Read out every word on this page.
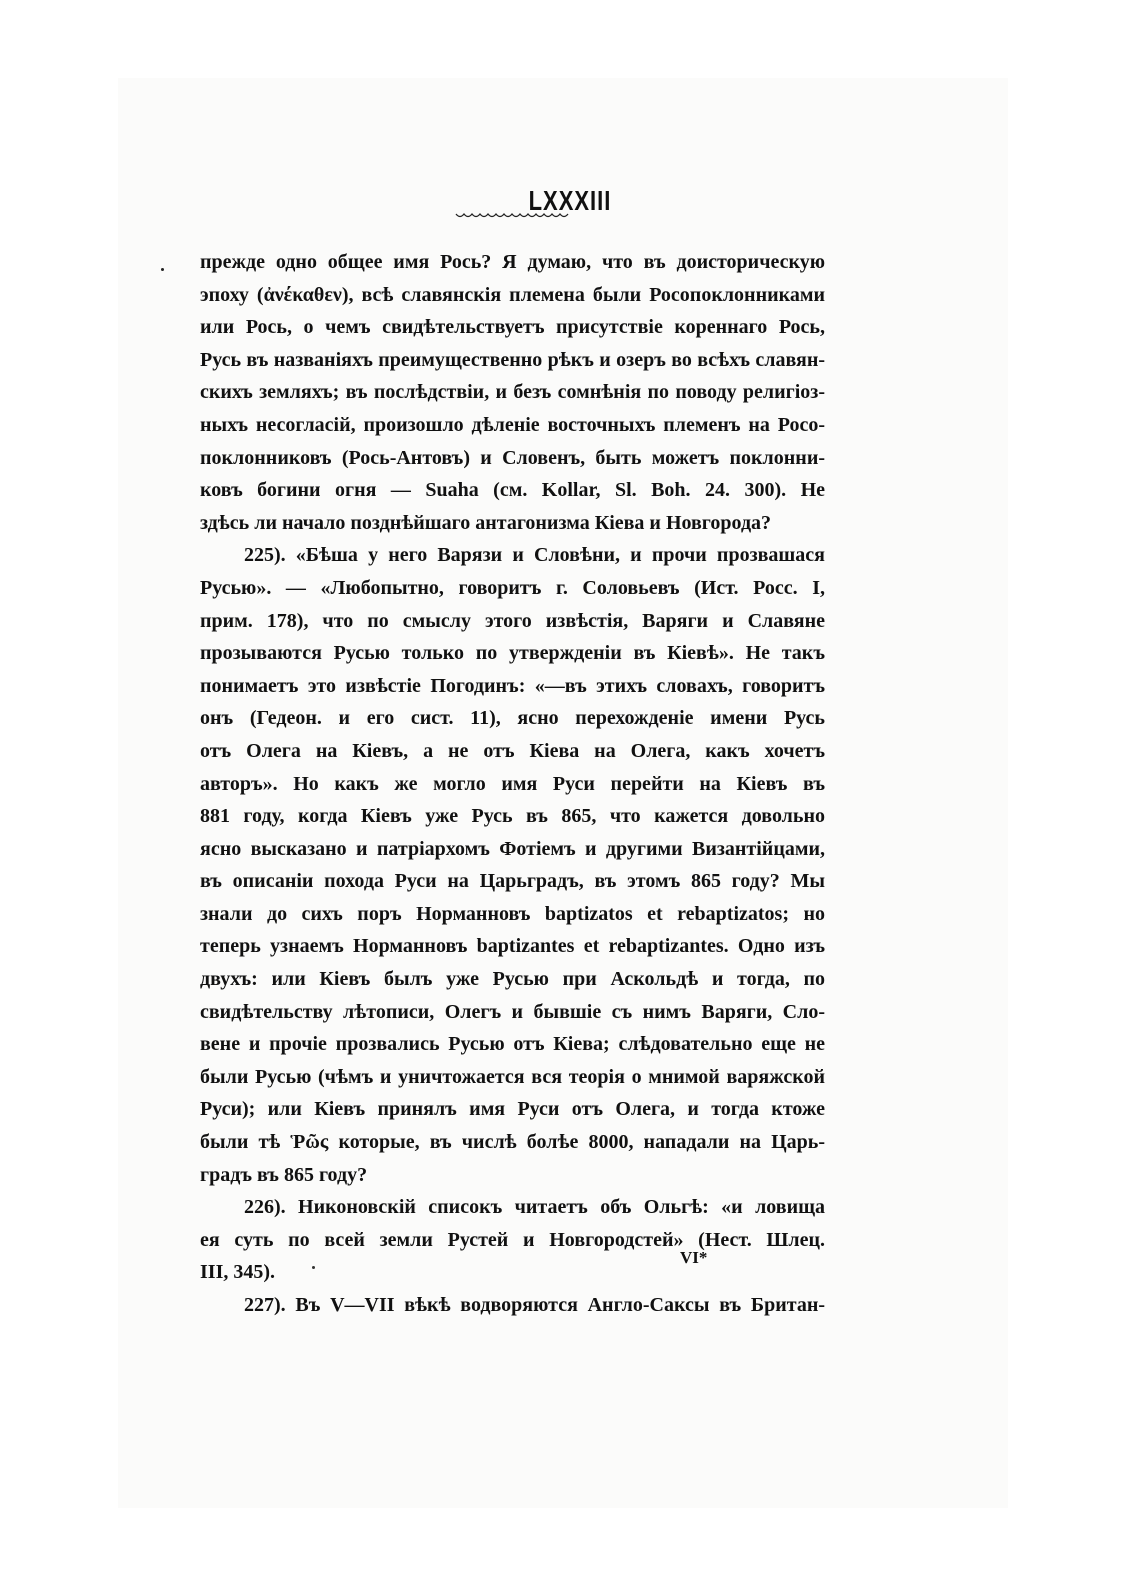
LXXXIII
прежде одно общее имя Рось? Я думаю, что въ доисторическую
эпоху (ἀνέκαθεν), всѣ славянскія племена были Росопоклонниками
или Рось, о чемъ свидѣтельствуетъ присутствіе кореннаго Рось,
Русь въ названіяхъ преимущественно рѣкъ и озеръ во всѣхъ славян-
скихъ земляхъ; въ послѣдствіи, и безъ сомнѣнія по поводу религіоз-
ныхъ несогласій, произошло дѣленіе восточныхъ племенъ на Росо-
поклонниковъ (Рось-Антовъ) и Словенъ, быть можетъ поклонни-
ковъ богини огня — Suaha (см. Kollar, Sl. Boh. 24. 300). Не
здѣсь ли начало позднѣйшаго антагонизма Кіева и Новгорода?
225). «Бѣша у него Варязи и Словѣни, и прочи прозвашася
Русью». — «Любопытно, говоритъ г. Соловьевъ (Ист. Росс. I,
прим. 178), что по смыслу этого извѣстія, Варяги и Славяне
прозываются Русью только по утвержденіи въ Кіевѣ». Не такъ
понимаетъ это извѣстіе Погодинъ: «—въ этихъ словахъ, говоритъ
онъ (Гедеон. и его сист. 11), ясно перехожденіе имени Русь
отъ Олега на Кіевъ, а не отъ Кіева на Олега, какъ хочетъ
авторъ». Но какъ же могло имя Руси перейти на Кіевъ въ
881 году, когда Кіевъ уже Русь въ 865, что кажется довольно
ясно высказано и патріархомъ Фотіемъ и другими Византійцами,
въ описаніи похода Руси на Царьградъ, въ этомъ 865 году? Мы
знали до сихъ поръ Норманновъ baptizatos et rebaptizatos; но
теперь узнаемъ Норманновъ baptizantes et rebaptizantes. Одно изъ
двухъ: или Кіевъ былъ уже Русью при Аскольдѣ и тогда, по
свидѣтельству лѣтописи, Олегъ и бывшіе съ нимъ Варяги, Сло-
вене и прочіе прозвались Русью отъ Кіева; слѣдовательно еще не
были Русью (чѣмъ и уничтожается вся теорія о мнимой варяжской
Руси); или Кіевъ принялъ имя Руси отъ Олега, и тогда ктоже
были тѣ Ῥῶς которые, въ числѣ болѣе 8000, нападали на Царь-
градъ въ 865 году?
226). Никоновскій списокъ читаетъ объ Ольгѣ: «и ловища
ея суть по всей земли Рустей и Новгородстей» (Нест. Шлец.
III, 345).
227). Въ V—VII вѣкѣ водворяются Англо-Саксы въ Британ-
VI*
